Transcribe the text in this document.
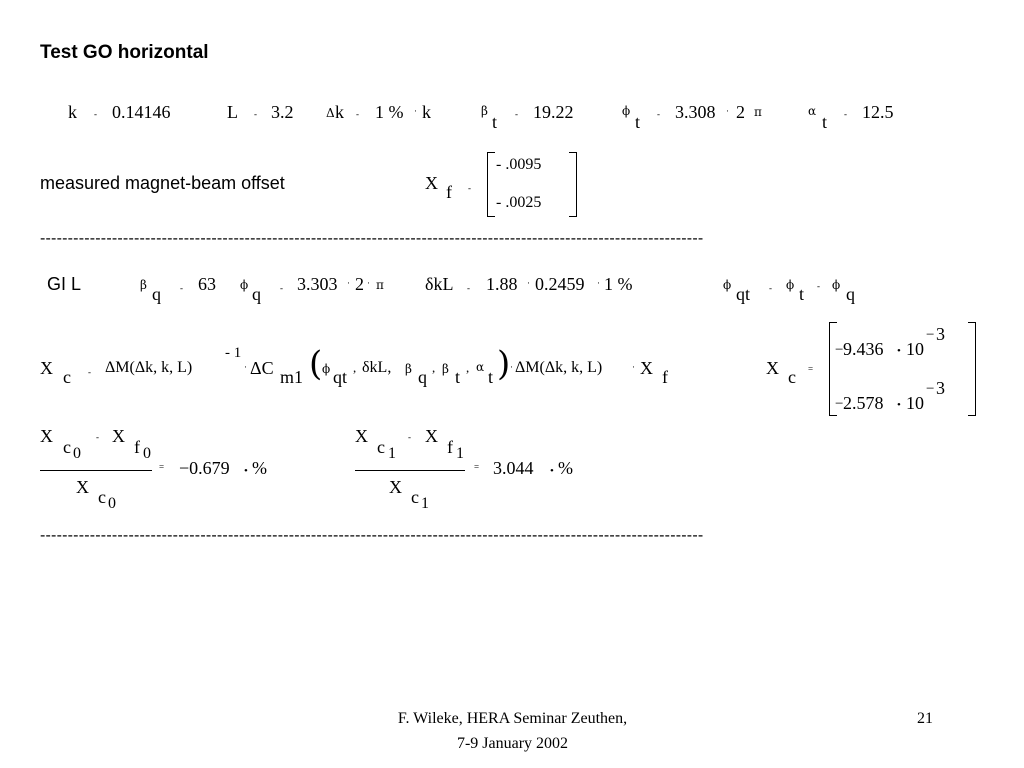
Test GO horizontal
k - 0.14146	L - 3.2	Δ k - 1 % · k	β
t - 19.22	ϕ
t - 3.308 · 2 π	α
t - 12.5
measured magnet-beam offset	X f -
- .0095
- .0025
------------------------------------------------------------------------------------------------------------------------
GI L	β q - 63 ϕ q - 3.303 · 2 · π δkL - 1.88 · 0.2459 · 1 %	ϕ qt - ϕ t - ϕ q
X c - ΔM(Δk, k, L)
- 1
· ΔC m1 ( ϕ qt , δkL, β q , β t , α t ) · ΔM(Δk, k, L)	· X f	X c =
− 9.436 • 10
− 3
− 2.578 • 10
− 3
X
c 0
- X
f 0
X c 0
= −0.679 • %
X
c 1
- X
f 1
X c 1
= 3.044 • %
------------------------------------------------------------------------------------------------------------------------
F. Wileke, HERA Seminar Zeuthen,
7-9 January 2002
21
